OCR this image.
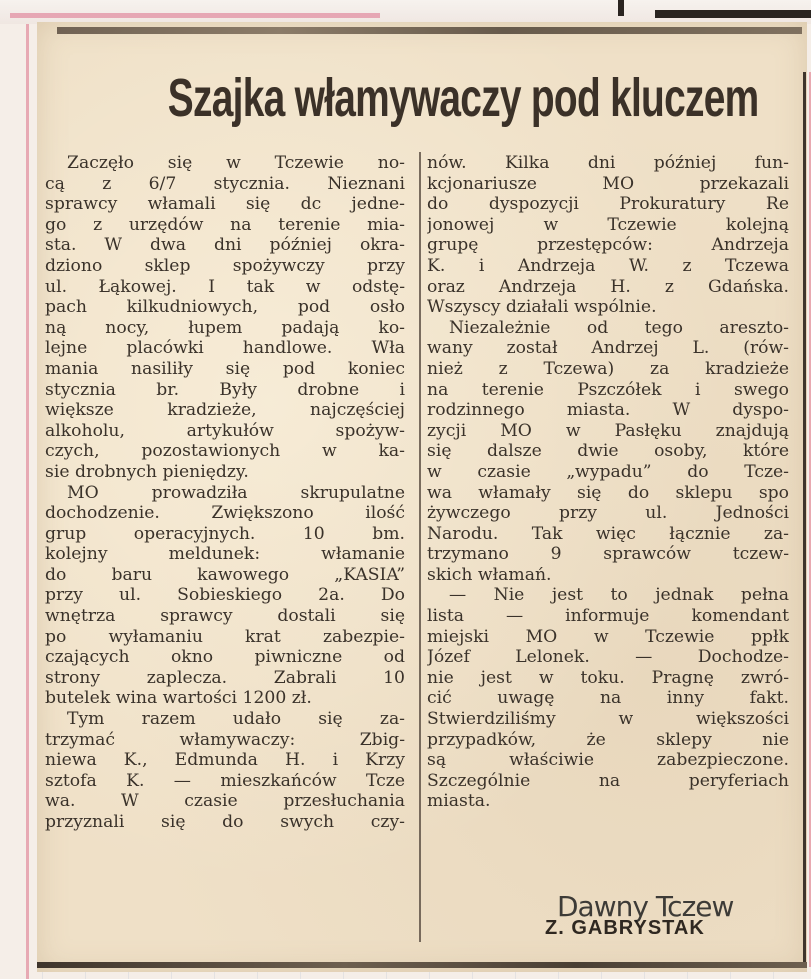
Szajka włamywaczy pod kluczem
Zaczęło się w Tczewie no-
cą z 6/7 stycznia. Nieznani
sprawcy włamali się dc jedne-
go z urzędów na terenie mia-
sta. W dwa dni później okra-
dziono sklep spożywczy przy
ul. Łąkowej. I tak w odstę-
pach kilkudniowych, pod osło
ną nocy, łupem padają ko-
lejne placówki handlowe. Wła
mania nasiliły się pod koniec
stycznia br. Były drobne i
większe kradzieże, najczęściej
alkoholu, artykułów spożyw-
czych, pozostawionych w ka-
sie drobnych pieniędzy.
MO prowadziła skrupulatne
dochodzenie. Zwiększono ilość
grup operacyjnych. 10 bm.
kolejny meldunek: włamanie
do baru kawowego „KASIA”
przy ul. Sobieskiego 2a. Do
wnętrza sprawcy dostali się
po wyłamaniu krat zabezpie-
czających okno piwniczne od
strony zaplecza. Zabrali 10
butelek wina wartości 1200 zł.
Tym razem udało się za-
trzymać włamywaczy: Zbig-
niewa K., Edmunda H. i Krzy
sztofa K. — mieszkańców Tcze
wa. W czasie przesłuchania
przyznali się do swych czy-
nów. Kilka dni później fun-
kcjonariusze MO przekazali
do dyspozycji Prokuratury Re
jonowej w Tczewie kolejną
grupę przestępców: Andrzeja
K. i Andrzeja W. z Tczewa
oraz Andrzeja H. z Gdańska.
Wszyscy działali wspólnie.
Niezależnie od tego aresztо-
wany został Andrzej L. (rów-
nież z Tczewa) za kradzieże
na terenie Pszczółek i swego
rodzinnego miasta. W dyspo-
zycji MO w Pasłęku znajdują
się dalsze dwie osoby, które
w czasie „wypadu” do Tcze-
wa włamały się do sklepu spo
żywczego przy ul. Jedności
Narodu. Tak więc łącznie za-
trzymano 9 sprawców tczew-
skich włamań.
— Nie jest to jednak pełna
lista — informuje komendant
miejski MO w Tczewie ppłk
Józef Lelonek. — Dochodze-
nie jest w toku. Pragnę zwró-
cić uwagę na inny fakt.
Stwierdziliśmy w większości
przypadków, że sklepy nie
są właściwie zabezpieczone.
Szczególnie na peryferiach
miasta.
Z. GABRYSTAK
Dawny Tczew
